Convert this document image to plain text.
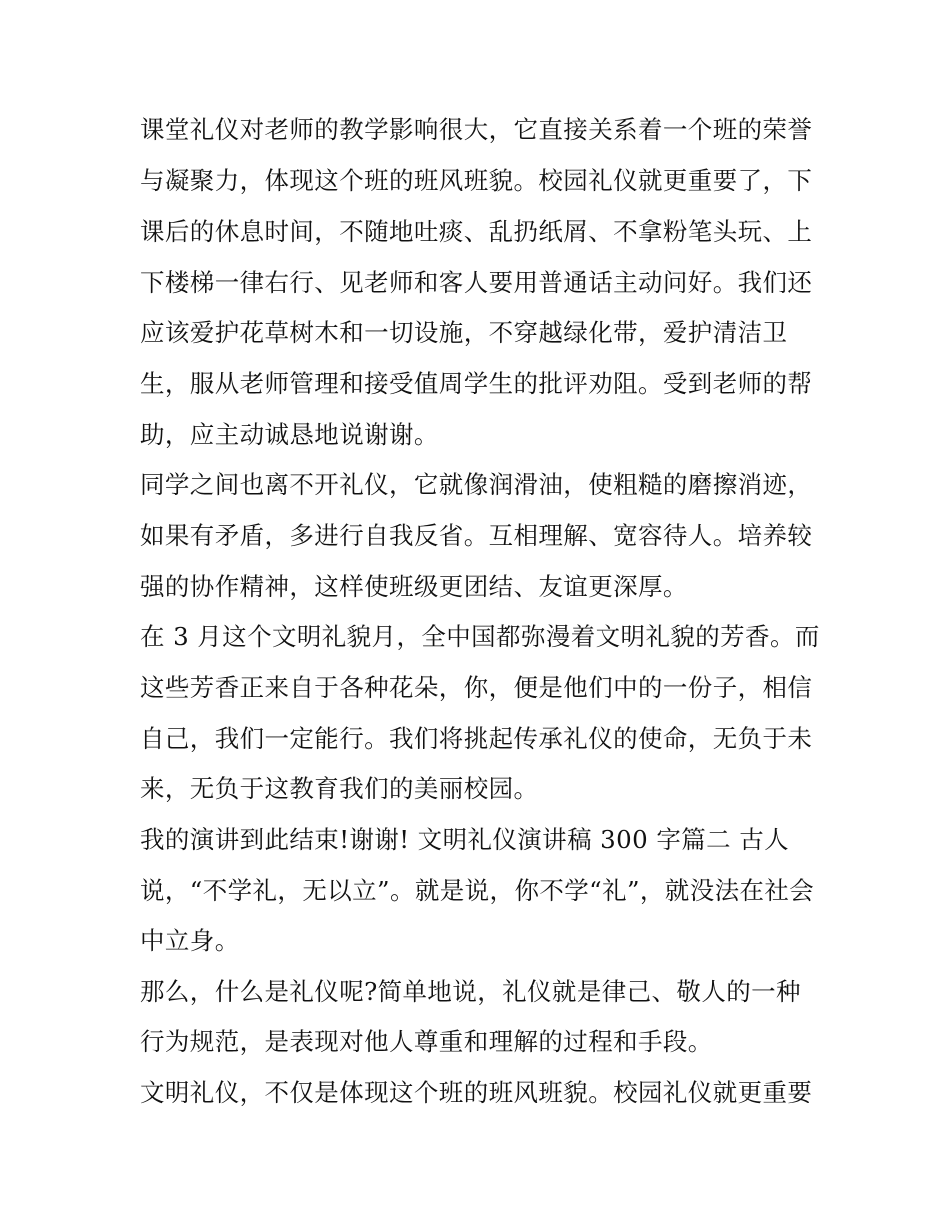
课堂礼仪对老师的教学影响很大，它直接关系着一个班的荣誉
与凝聚力，体现这个班的班风班貌。校园礼仪就更重要了，下
课后的休息时间，不随地吐痰、乱扔纸屑、不拿粉笔头玩、上
下楼梯一律右行、见老师和客人要用普通话主动问好。我们还
应该爱护花草树木和一切设施，不穿越绿化带，爱护清洁卫
生，服从老师管理和接受值周学生的批评劝阻。受到老师的帮
助，应主动诚恳地说谢谢。
同学之间也离不开礼仪，它就像润滑油，使粗糙的磨擦消迹，
如果有矛盾，多进行自我反省。互相理解、宽容待人。培养较
强的协作精神，这样使班级更团结、友谊更深厚。
在 3 月这个文明礼貌月，全中国都弥漫着文明礼貌的芳香。而
这些芳香正来自于各种花朵，你，便是他们中的一份子，相信
自己，我们一定能行。我们将挑起传承礼仪的使命，无负于未
来，无负于这教育我们的美丽校园。
我的演讲到此结束!谢谢! 文明礼仪演讲稿 300 字篇二 古人
说，“不学礼，无以立”。就是说，你不学“礼”，就没法在社会
中立身。
那么，什么是礼仪呢?简单地说，礼仪就是律己、敬人的一种
行为规范，是表现对他人尊重和理解的过程和手段。
文明礼仪，不仅是体现这个班的班风班貌。校园礼仪就更重要
